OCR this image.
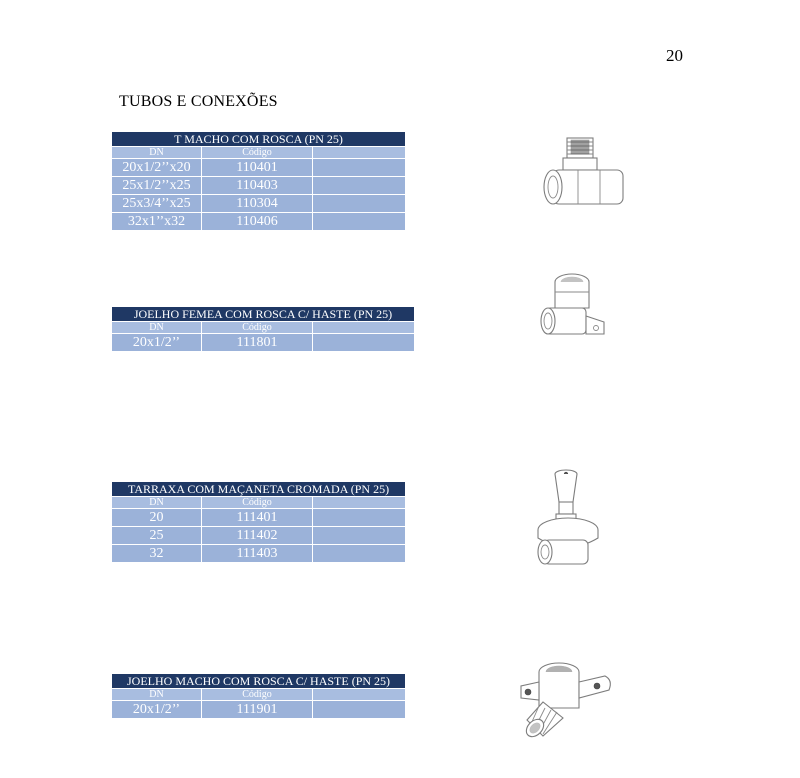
20
TUBOS E CONEXÕES
T MACHO COM ROSCA (PN 25)		
DN	Código	
20x1/2’’x20	110401	
25x1/2’’x25	110403	
25x3/4’’x25	110304	
32x1’’x32	110406	
JOELHO FEMEA COM ROSCA C/ HASTE (PN 25)		
DN	Código	
20x1/2’’	111801	
TARRAXA COM MAÇANETA CROMADA (PN 25)		
DN	Código	
20	111401	
25	111402	
32	111403	
JOELHO MACHO COM ROSCA C/ HASTE (PN 25)		
DN	Código	
20x1/2’’	111901	
